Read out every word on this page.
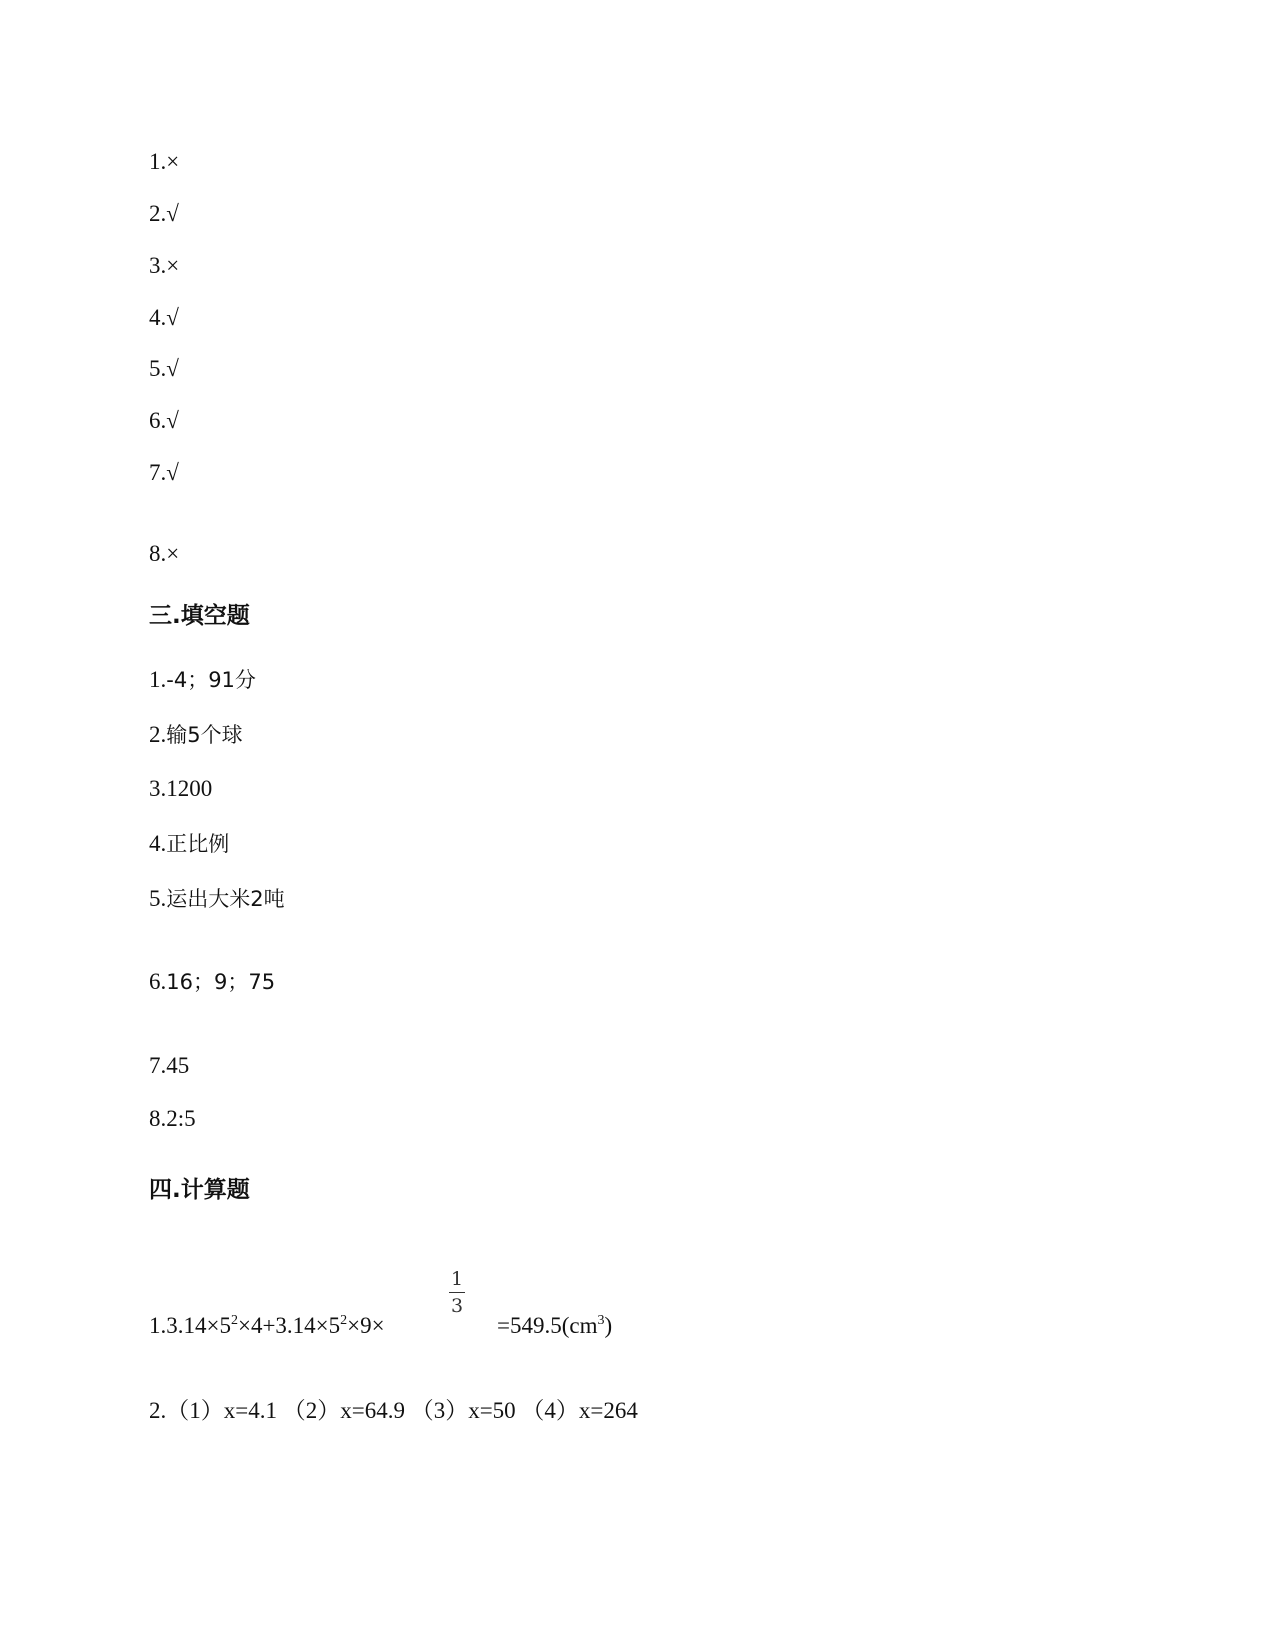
1.×
2.√
3.×
4.√
5.√
6.√
7.√
8.×
三.填空题
1.-4；91分
2.输5个球
3.1200
4.正比例
5.运出大米2吨
6.16；9；75
7.45
8.2:5
四.计算题
$1.3.14\times 5^2\times 4+3.14\times 5^2\times 9\times$
1
3
$=549.5(cm^3)$
2.（1）x=4.1 （2）x=64.9 （3）x=50 （4）x=264
